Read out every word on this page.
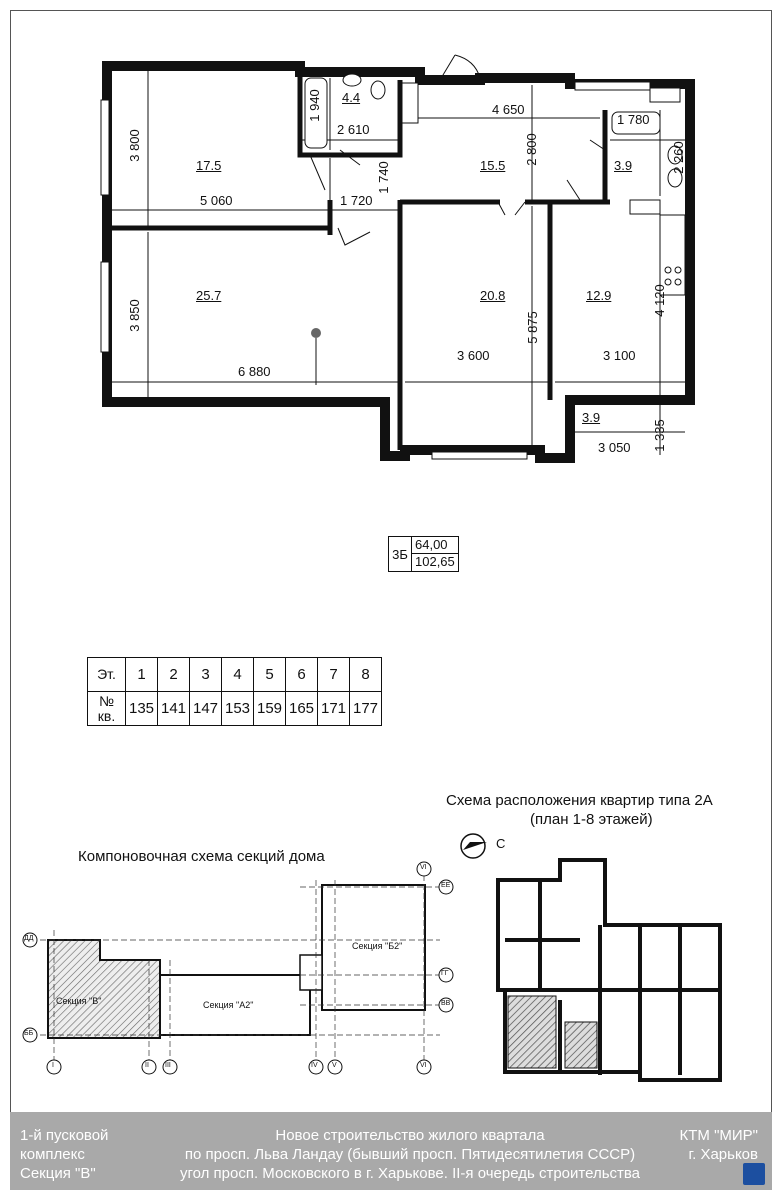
17.5
25.7
4.4
15.5
20.8
3.9
12.9
3.9
3 800
5 060	1 720
3 850
6 880
1 940
2 610
1 740
4 650
2 800
1 780
2 260
3 600
5 875
3 100
4 120
3 050 1 335
3Б
64,00
102,65
Эт.	1	2	3	4	5	6	7	8
№
кв.	135	141	147	153	159	165	171	177
Схема расположения квартир типа 2А
(план 1-8 этажей)
С
Компоновочная схема секций дома
Секция "В"	Секция "А2"
Секция "Б2"
ДД
ББ
ЕЕ
ГГ
ВВ
I	II III	IV V
VI
VI
1-й пусковой
комплекс
Секция "В"
Новое строительство жилого квартала
по просп. Льва Ландау (бывший просп. Пятидесятилетия СССР)
угол просп. Московского в г. Харькове. II-я очередь строительства
КТМ "МИР"
г. Харьков
